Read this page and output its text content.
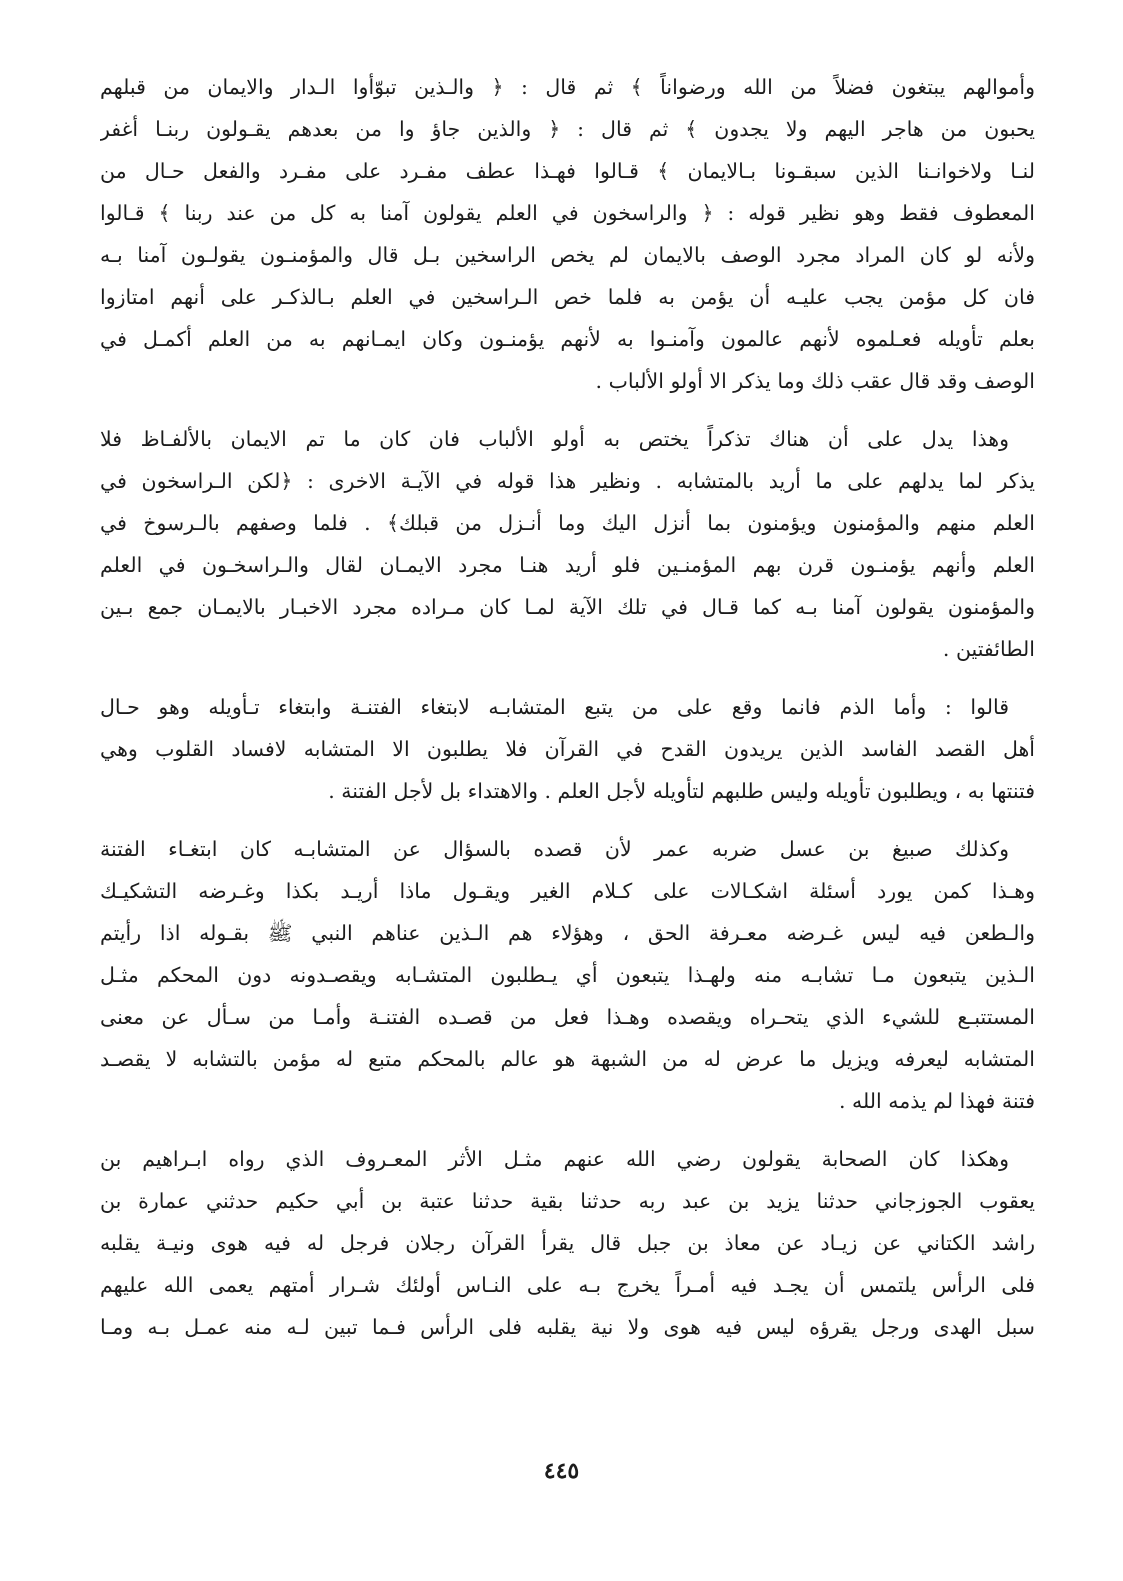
وأموالهم يبتغون فضلاً من الله ورضواناً ﴾ ثم قال : ﴿ والـذين تبوّأوا الـدار والايمان من قبلهم
يحبون من هاجر اليهم ولا يجدون ﴾ ثم قال : ﴿ والذين جاؤ وا من بعدهم يقـولون ربنـا أغفر
لنـا ولاخوانـنا الذين سبقـونا بـالايمان ﴾ قـالوا فهـذا عطف مفـرد على مفـرد والفعل حـال من
المعطوف فقط وهو نظير قوله : ﴿ والراسخون في العلم يقولون آمنا به كل من عند ربنا ﴾ قـالوا
ولأنه لو كان المراد مجرد الوصف بالايمان لم يخص الراسخين بـل قال والمؤمنـون يقولـون آمنا بـه
فان كل مؤمن يجب عليـه أن يؤمن به فلما خص الـراسخين في العلم بـالذكـر علی أنهم امتازوا
بعلم تأويله فعـلموه لأنهم عالمون وآمنـوا به لأنهم يؤمنـون وكان ايمـانهم به من العلم أكمـل في
الوصف وقد قال عقب ذلك وما يذكر الا أولو الألباب .
وهذا يدل على أن هناك تذكراً يختص به أولو الألباب فان كان ما تم الايمان بالألفـاظ فلا
يذكر لما يدلهم على ما أريد بالمتشابه . ونظير هذا قوله في الآيـة الاخرى : ﴿لكن الـراسخون في
العلم منهم والمؤمنون ويؤمنون بما أنزل اليك وما أنـزل من قبلك﴾ . فلما وصفهم بالـرسوخ في
العلم وأنهم يؤمنـون قرن بهم المؤمنـين فلو أريد هنـا مجرد الايمـان لقال والـراسخـون في العلم
والمؤمنون يقولون آمنا بـه كما قـال في تلك الآية لمـا كان مـراده مجرد الاخبـار بالايمـان جمع بـين
الطائفتين .
قالوا : وأما الذم فانما وقع على من يتبع المتشابـه لابتغاء الفتنـة وابتغاء تـأويله وهو حـال
أهل القصد الفاسد الذين يريدون القدح في القرآن فلا يطلبون الا المتشابه لافساد القلوب وهي
فتنتها به ، ويطلبون تأويله وليس طلبهم لتأويله لأجل العلم . والاهتداء بل لأجل الفتنة .
وكذلك صبيغ بن عسل ضربه عمر لأن قصده بالسؤال عن المتشابـه كان ابتغـاء الفتنة
وهـذا كمن يورد أسئلة اشكـالات على كـلام الغير ويقـول ماذا أريـد بكذا وغـرضه التشكيـك
والـطعن فيه ليس غـرضه معـرفة الحق ، وهؤلاء هم الـذين عناهم النبي ﷺ بقـوله اذا رأيتم
الـذين يتبعون مـا تشابـه منه ولهـذا يتبعون أي يـطلبون المتشـابه ويقصـدونه دون المحكم مثـل
المستتبـع للشيء الذي يتحـراه ويقصده وهـذا فعل من قصـده الفتنـة وأمـا من سـأل عن معنى
المتشابه ليعرفه ويزيل ما عرض له من الشبهة هو عالم بالمحكم متبع له مؤمن بالتشابه لا يقصـد
فتنة فهذا لم يذمه الله .
وهكذا كان الصحابة يقولون رضي الله عنهم مثـل الأثر المعـروف الذي رواه ابـراهيم بن
يعقوب الجوزجاني حدثنا يزيد بن عبد ربه حدثنا بقية حدثنا عتبة بن أبي حكيم حدثني عمارة بن
راشد الكتاني عن زيـاد عن معاذ بن جبل قال يقرأ القرآن رجلان فرجل له فيه هوى ونيـة يقلبه
فلى الرأس يلتمس أن يجـد فيه أمـراً يخرج بـه على النـاس أولئك شـرار أمتهم يعمى الله عليهم
سبل الهدى ورجل يقرؤه ليس فيه هوى ولا نية يقلبه فلى الرأس فـما تبين لـه منه عمـل بـه ومـا
٤٤٥
